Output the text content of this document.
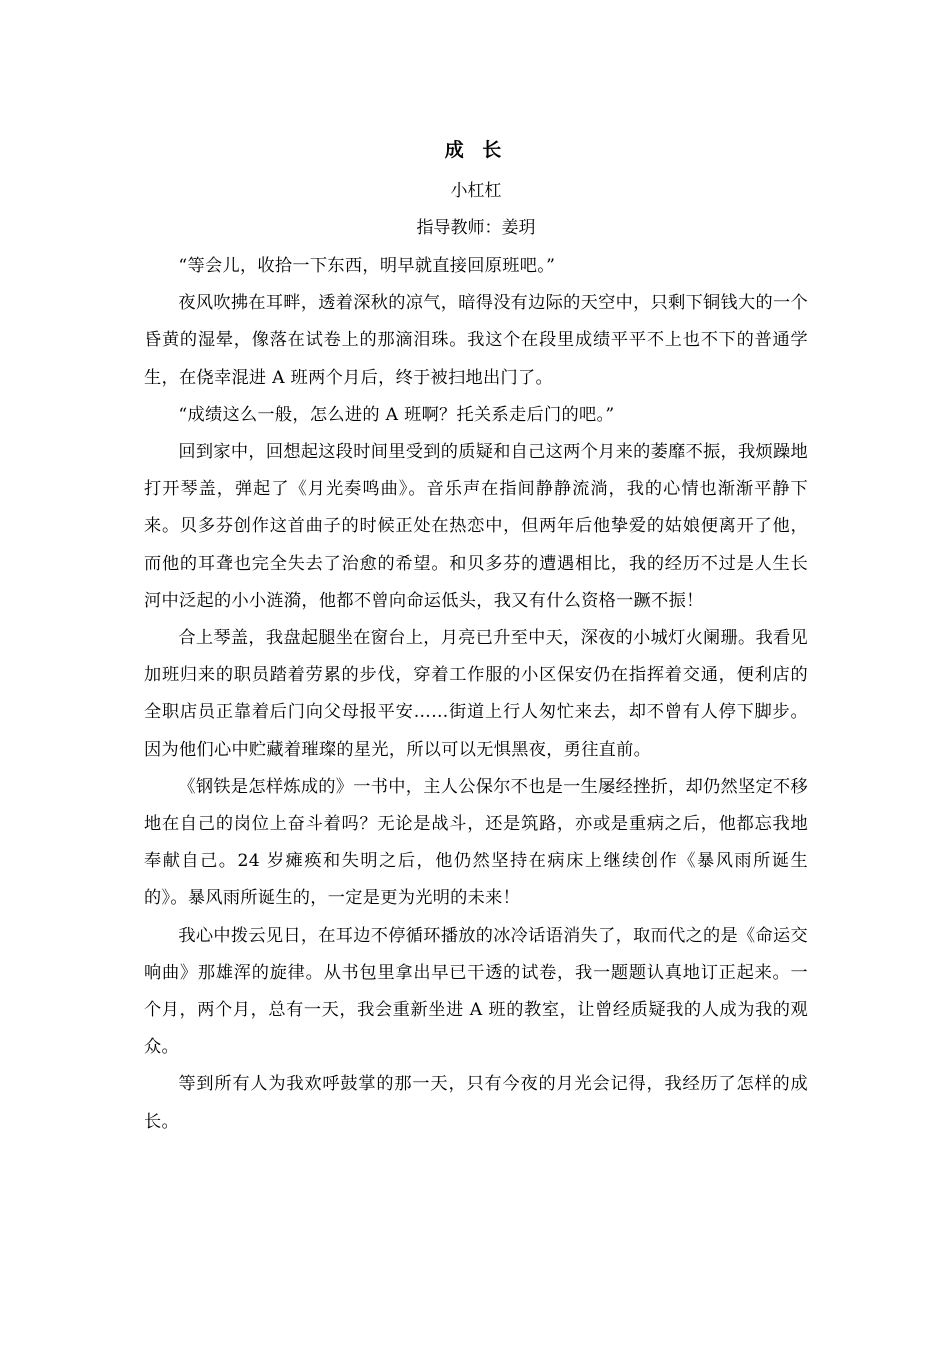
成 长

小杠杠

指导教师：姜玥

“等会儿，收拾一下东西，明早就直接回原班吧。”

夜风吹拂在耳畔，透着深秋的凉气，暗得没有边际的天空中，只剩下铜钱大的一个昏黄的湿晕，像落在试卷上的那滴泪珠。我这个在段里成绩平平不上也不下的普通学生，在侥幸混进 A 班两个月后，终于被扫地出门了。

“成绩这么一般，怎么进的 A 班啊？托关系走后门的吧。”

回到家中，回想起这段时间里受到的质疑和自己这两个月来的萎靡不振，我烦躁地打开琴盖，弹起了《月光奏鸣曲》。音乐声在指间静静流淌，我的心情也渐渐平静下来。贝多芬创作这首曲子的时候正处在热恋中，但两年后他挚爱的姑娘便离开了他，而他的耳聋也完全失去了治愈的希望。和贝多芬的遭遇相比，我的经历不过是人生长河中泛起的小小涟漪，他都不曾向命运低头，我又有什么资格一蹶不振！

合上琴盖，我盘起腿坐在窗台上，月亮已升至中天，深夜的小城灯火阑珊。我看见加班归来的职员踏着劳累的步伐，穿着工作服的小区保安仍在指挥着交通，便利店的全职店员正靠着后门向父母报平安……街道上行人匆忙来去，却不曾有人停下脚步。因为他们心中贮藏着璀璨的星光，所以可以无惧黑夜，勇往直前。

《钢铁是怎样炼成的》一书中，主人公保尔不也是一生屡经挫折，却仍然坚定不移地在自己的岗位上奋斗着吗？无论是战斗，还是筑路，亦或是重病之后，他都忘我地奉献自己。24 岁瘫痪和失明之后，他仍然坚持在病床上继续创作《暴风雨所诞生的》。暴风雨所诞生的，一定是更为光明的未来！

我心中拨云见日，在耳边不停循环播放的冰冷话语消失了，取而代之的是《命运交响曲》那雄浑的旋律。从书包里拿出早已干透的试卷，我一题题认真地订正起来。一个月，两个月，总有一天，我会重新坐进 A 班的教室，让曾经质疑我的人成为我的观众。

等到所有人为我欢呼鼓掌的那一天，只有今夜的月光会记得，我经历了怎样的成长。
